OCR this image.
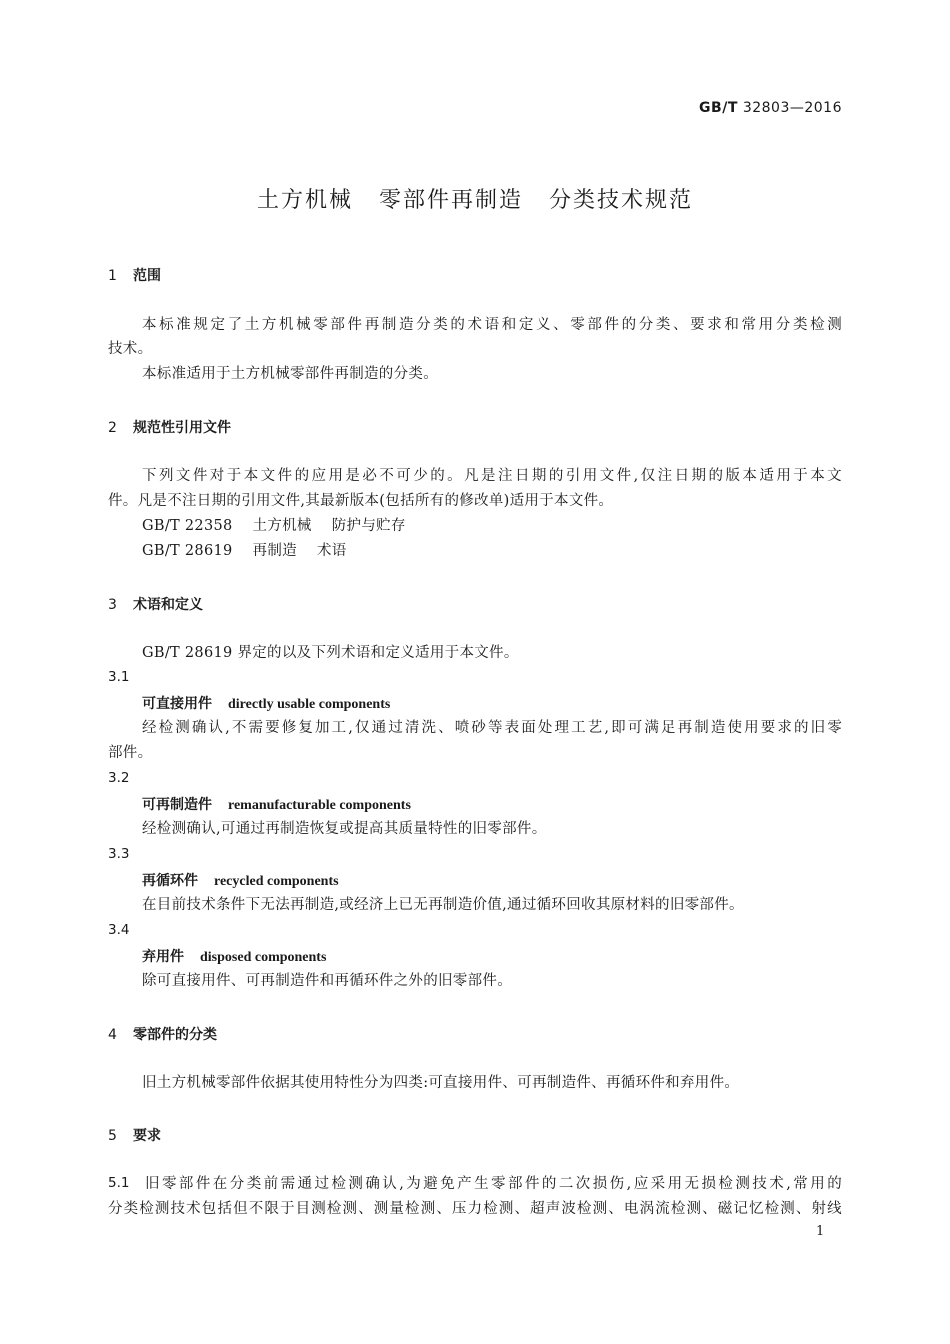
GB/T 32803—2016
土方机械 零部件再制造 分类技术规范
1 范围
本标准规定了土方机械零部件再制造分类的术语和定义、零部件的分类、要求和常用分类检测
技术。
本标准适用于土方机械零部件再制造的分类。
2 规范性引用文件
下列文件对于本文件的应用是必不可少的。凡是注日期的引用文件,仅注日期的版本适用于本文
件。凡是不注日期的引用文件,其最新版本(包括所有的修改单)适用于本文件。
GB/T 22358 土方机械 防护与贮存
GB/T 28619 再制造 术语
3 术语和定义
GB/T 28619 界定的以及下列术语和定义适用于本文件。
3.1
可直接用件 directly usable components
经检测确认,不需要修复加工,仅通过清洗、喷砂等表面处理工艺,即可满足再制造使用要求的旧零
部件。
3.2
可再制造件 remanufacturable components
经检测确认,可通过再制造恢复或提高其质量特性的旧零部件。
3.3
再循环件 recycled components
在目前技术条件下无法再制造,或经济上已无再制造价值,通过循环回收其原材料的旧零部件。
3.4
弃用件 disposed components
除可直接用件、可再制造件和再循环件之外的旧零部件。
4 零部件的分类
旧土方机械零部件依据其使用特性分为四类:可直接用件、可再制造件、再循环件和弃用件。
5 要求
5.1 旧零部件在分类前需通过检测确认,为避免产生零部件的二次损伤,应采用无损检测技术,常用的
分类检测技术包括但不限于目测检测、测量检测、压力检测、超声波检测、电涡流检测、磁记忆检测、射线
1
